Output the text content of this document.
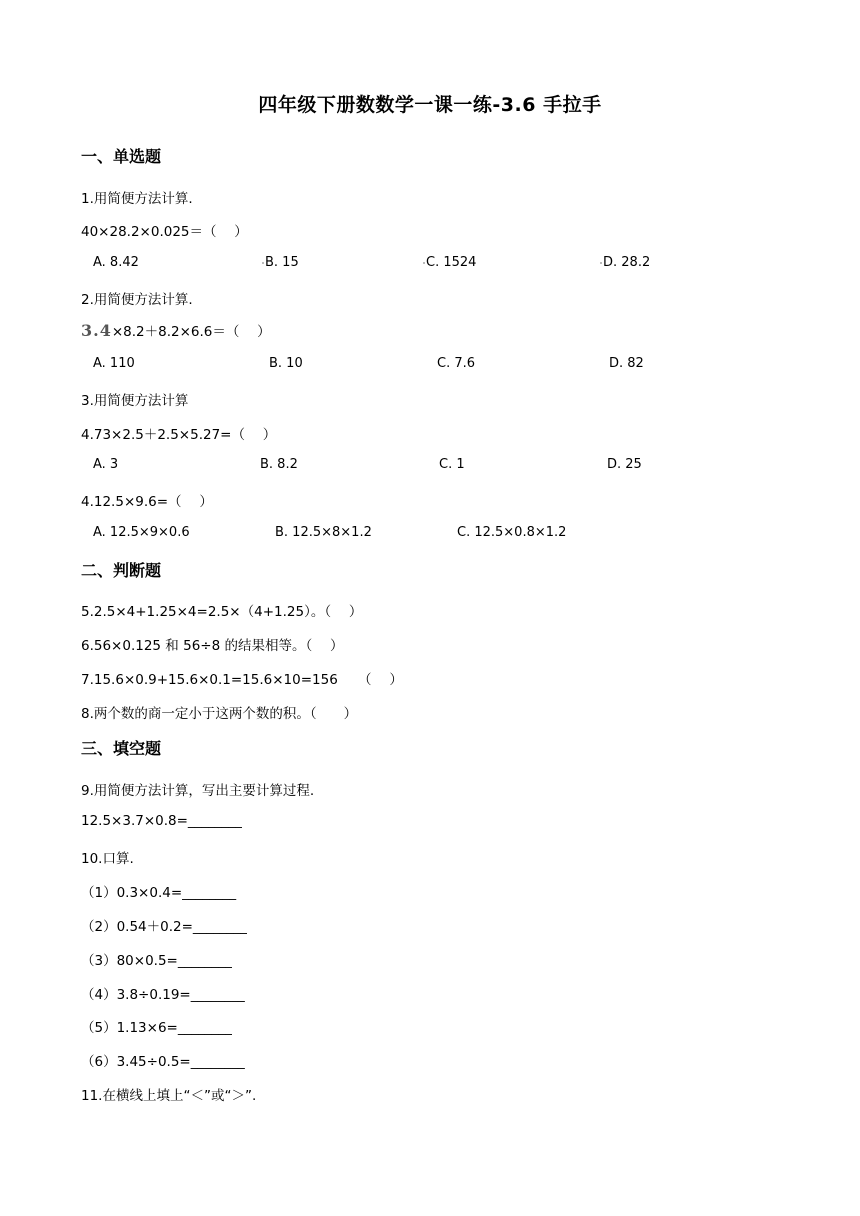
四年级下册数数学一课一练-3.6 手拉手
一、单选题
1.用简便方法计算.
40×28.2×0.025＝（　 ）
A. 8.42	B. 15	C. 1524	D. 28.2
2.用简便方法计算.
3.4×8.2＋8.2×6.6＝（　 ）
A. 110	B. 10	C. 7.6	D. 82
3.用简便方法计算
4.73×2.5＋2.5×5.27=（　 ）
A. 3	B. 8.2	C. 1	D. 25
4.12.5×9.6=（　 ）
A. 12.5×9×0.6	B. 12.5×8×1.2	C. 12.5×0.8×1.2
二、判断题
5.2.5×4+1.25×4=2.5×（4+1.25）。（　 ）
6.56×0.125 和 56÷8 的结果相等。（　 ）
7.15.6×0.9+15.6×0.1=15.6×10=156　　（　 ）
8.两个数的商一定小于这两个数的积。（　　）
三、填空题
9.用简便方法计算，写出主要计算过程.
12.5×3.7×0.8=________
10.口算.
（1）0.3×0.4=________
（2）0.54＋0.2=________
（3）80×0.5=________
（4）3.8÷0.19=________
（5）1.13×6=________
（6）3.45÷0.5=________
11.在横线上填上“＜”或“＞”.
